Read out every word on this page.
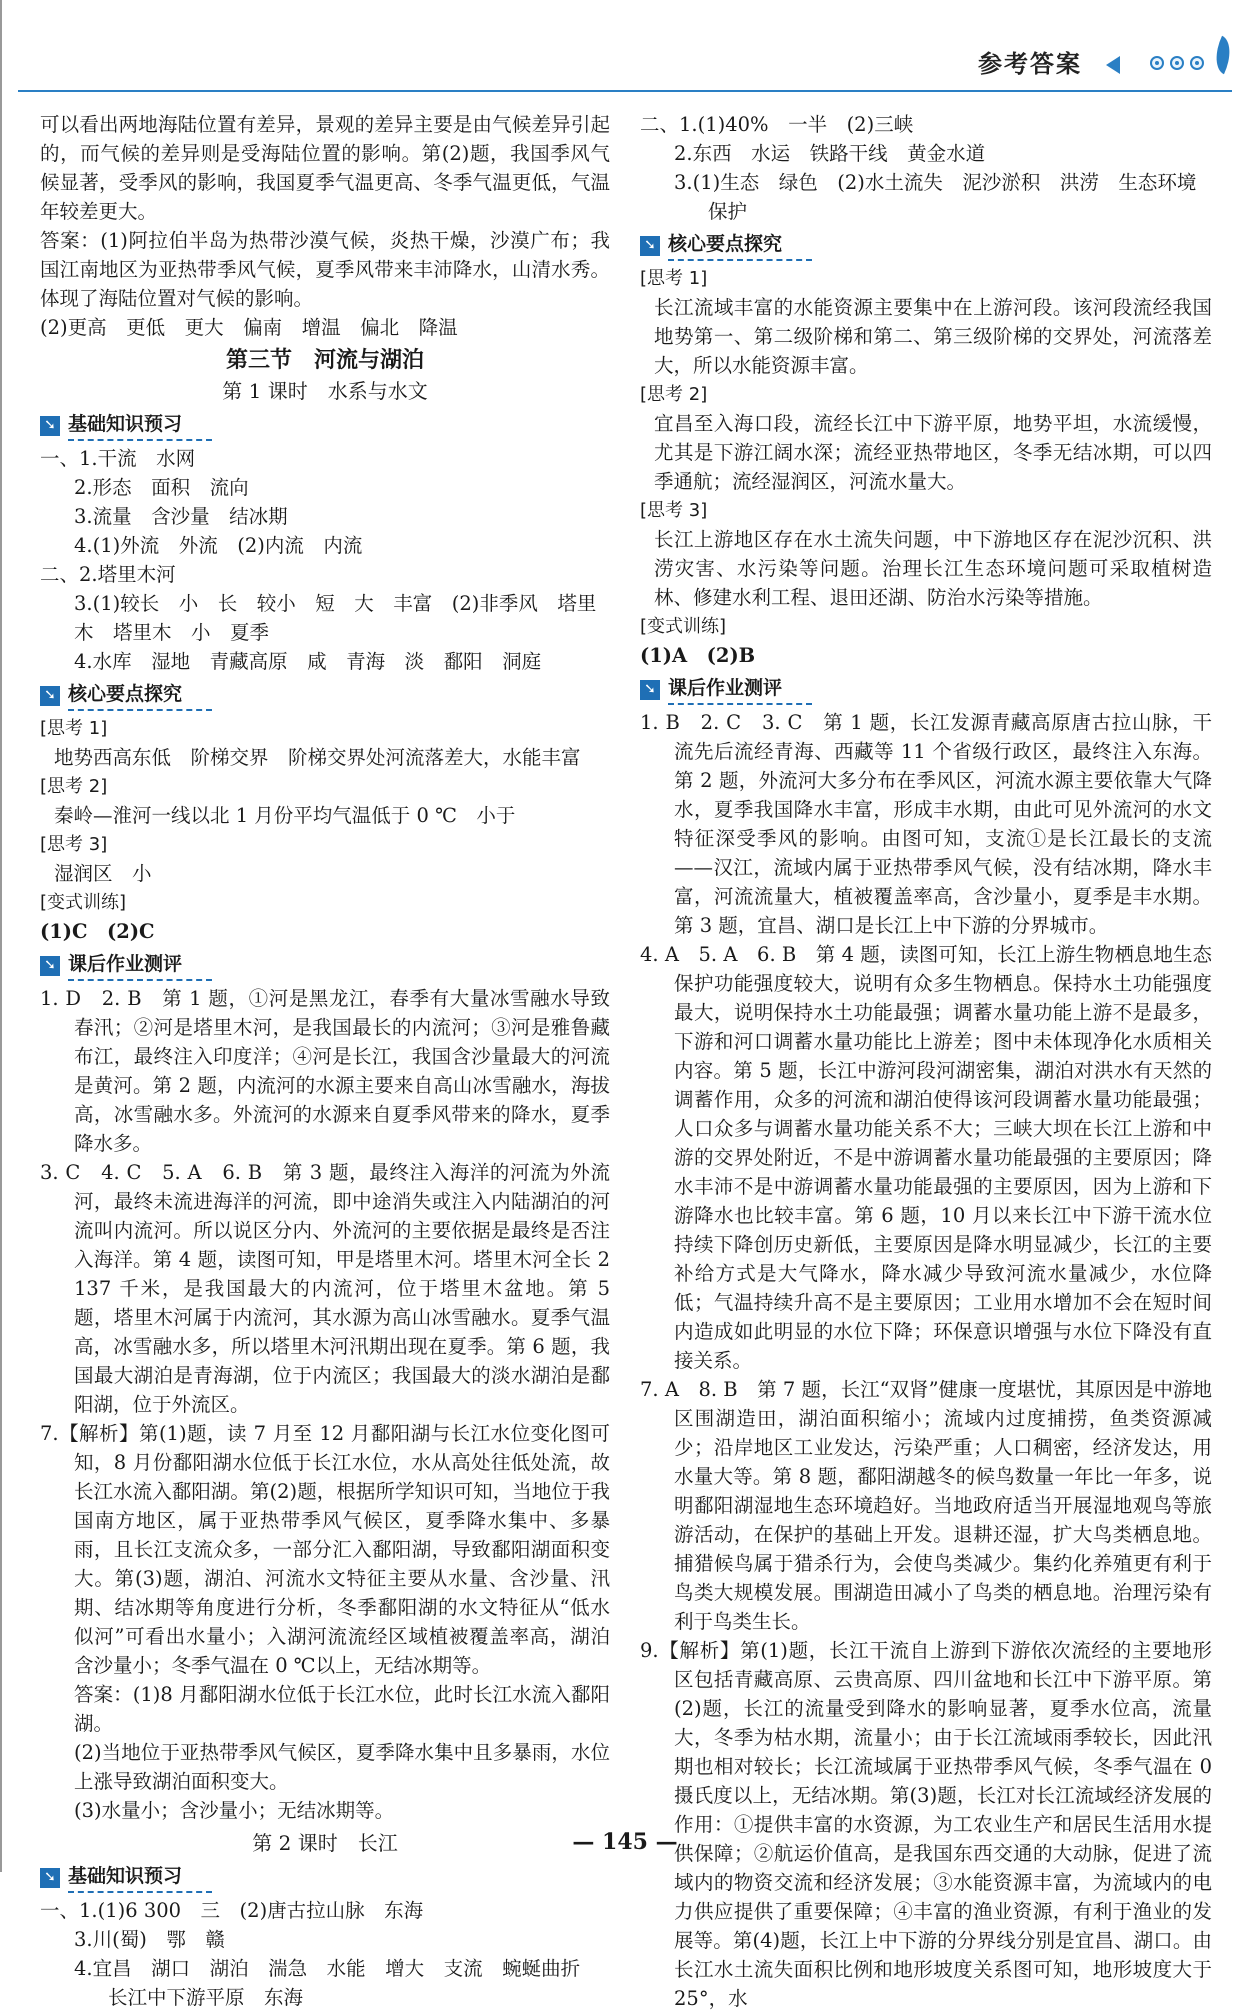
参考答案

可以看出两地海陆位置有差异，景观的差异主要是由气候差异引起的，而气候的差异则是受海陆位置的影响。第(2)题，我国季风气候显著，受季风的影响，我国夏季气温更高、冬季气温更低，气温年较差更大。

答案：(1)阿拉伯半岛为热带沙漠气候，炎热干燥，沙漠广布；我国江南地区为亚热带季风气候，夏季风带来丰沛降水，山清水秀。体现了海陆位置对气候的影响。

(2)更高　更低　更大　偏南　增温　偏北　降温

第三节　河流与湖泊
第 1 课时　水系与水文
➘ 基础知识预习

一、1.干流　水网

2.形态　面积　流向

3.流量　含沙量　结冰期

4.(1)外流　外流　(2)内流　内流

二、2.塔里木河

3.(1)较长　小　长　较小　短　大　丰富　(2)非季风　塔里木　塔里木　小　夏季

4.水库　湿地　青藏高原　咸　青海　淡　鄱阳　洞庭

➘ 核心要点探究

[思考 1]

地势西高东低　阶梯交界　阶梯交界处河流落差大，水能丰富

[思考 2]

秦岭—淮河一线以北 1 月份平均气温低于 0 ℃　小于

[思考 3]

湿润区　小

[变式训练]

(1)C　(2)C

➘ 课后作业测评

1. D　2. B　第 1 题，①河是黑龙江，春季有大量冰雪融水导致春汛；②河是塔里木河，是我国最长的内流河；③河是雅鲁藏布江，最终注入印度洋；④河是长江，我国含沙量最大的河流是黄河。第 2 题，内流河的水源主要来自高山冰雪融水，海拔高，冰雪融水多。外流河的水源来自夏季风带来的降水，夏季降水多。

3. C　4. C　5. A　6. B　第 3 题，最终注入海洋的河流为外流河，最终未流进海洋的河流，即中途消失或注入内陆湖泊的河流叫内流河。所以说区分内、外流河的主要依据是最终是否注入海洋。第 4 题，读图可知，甲是塔里木河。塔里木河全长 2 137 千米，是我国最大的内流河，位于塔里木盆地。第 5 题，塔里木河属于内流河，其水源为高山冰雪融水。夏季气温高，冰雪融水多，所以塔里木河汛期出现在夏季。第 6 题，我国最大湖泊是青海湖，位于内流区；我国最大的淡水湖泊是鄱阳湖，位于外流区。

7.【解析】第(1)题，读 7 月至 12 月鄱阳湖与长江水位变化图可知，8 月份鄱阳湖水位低于长江水位，水从高处往低处流，故长江水流入鄱阳湖。第(2)题，根据所学知识可知，当地位于我国南方地区，属于亚热带季风气候区，夏季降水集中、多暴雨，且长江支流众多，一部分汇入鄱阳湖，导致鄱阳湖面积变大。第(3)题，湖泊、河流水文特征主要从水量、含沙量、汛期、结冰期等角度进行分析，冬季鄱阳湖的水文特征从“低水似河”可看出水量小；入湖河流流经区域植被覆盖率高，湖泊含沙量小；冬季气温在 0 ℃以上，无结冰期等。

答案：(1)8 月鄱阳湖水位低于长江水位，此时长江水流入鄱阳湖。

(2)当地位于亚热带季风气候区，夏季降水集中且多暴雨，水位上涨导致湖泊面积变大。

(3)水量小；含沙量小；无结冰期等。

第 2 课时　长江
➘ 基础知识预习

一、1.(1)6 300　三　(2)唐古拉山脉　东海

3.川(蜀)　鄂　赣

4.宜昌　湖口　湖泊　湍急　水能　增大　支流　蜿蜒曲折　长江中下游平原　东海

二、1.(1)40%　一半　(2)三峡

2.东西　水运　铁路干线　黄金水道

3.(1)生态　绿色　(2)水土流失　泥沙淤积　洪涝　生态环境保护

➘ 核心要点探究

[思考 1]

长江流域丰富的水能资源主要集中在上游河段。该河段流经我国地势第一、第二级阶梯和第二、第三级阶梯的交界处，河流落差大，所以水能资源丰富。

[思考 2]

宜昌至入海口段，流经长江中下游平原，地势平坦，水流缓慢，尤其是下游江阔水深；流经亚热带地区，冬季无结冰期，可以四季通航；流经湿润区，河流水量大。

[思考 3]

长江上游地区存在水土流失问题，中下游地区存在泥沙沉积、洪涝灾害、水污染等问题。治理长江生态环境问题可采取植树造林、修建水利工程、退田还湖、防治水污染等措施。

[变式训练]

(1)A　(2)B

➘ 课后作业测评

1. B　2. C　3. C　第 1 题，长江发源青藏高原唐古拉山脉，干流先后流经青海、西藏等 11 个省级行政区，最终注入东海。第 2 题，外流河大多分布在季风区，河流水源主要依靠大气降水，夏季我国降水丰富，形成丰水期，由此可见外流河的水文特征深受季风的影响。由图可知，支流①是长江最长的支流——汉江，流域内属于亚热带季风气候，没有结冰期，降水丰富，河流流量大，植被覆盖率高，含沙量小，夏季是丰水期。第 3 题，宜昌、湖口是长江上中下游的分界城市。

4. A　5. A　6. B　第 4 题，读图可知，长江上游生物栖息地生态保护功能强度较大，说明有众多生物栖息。保持水土功能强度最大，说明保持水土功能最强；调蓄水量功能上游不是最多，下游和河口调蓄水量功能比上游差；图中未体现净化水质相关内容。第 5 题，长江中游河段河湖密集，湖泊对洪水有天然的调蓄作用，众多的河流和湖泊使得该河段调蓄水量功能最强；人口众多与调蓄水量功能关系不大；三峡大坝在长江上游和中游的交界处附近，不是中游调蓄水量功能最强的主要原因；降水丰沛不是中游调蓄水量功能最强的主要原因，因为上游和下游降水也比较丰富。第 6 题，10 月以来长江中下游干流水位持续下降创历史新低，主要原因是降水明显减少，长江的主要补给方式是大气降水，降水减少导致河流水量减少，水位降低；气温持续升高不是主要原因；工业用水增加不会在短时间内造成如此明显的水位下降；环保意识增强与水位下降没有直接关系。

7. A　8. B　第 7 题，长江“双肾”健康一度堪忧，其原因是中游地区围湖造田，湖泊面积缩小；流域内过度捕捞，鱼类资源减少；沿岸地区工业发达，污染严重；人口稠密，经济发达，用水量大等。第 8 题，鄱阳湖越冬的候鸟数量一年比一年多，说明鄱阳湖湿地生态环境趋好。当地政府适当开展湿地观鸟等旅游活动，在保护的基础上开发。退耕还湿，扩大鸟类栖息地。捕猎候鸟属于猎杀行为，会使鸟类减少。集约化养殖更有利于鸟类大规模发展。围湖造田减小了鸟类的栖息地。治理污染有利于鸟类生长。

9.【解析】第(1)题，长江干流自上游到下游依次流经的主要地形区包括青藏高原、云贵高原、四川盆地和长江中下游平原。第(2)题，长江的流量受到降水的影响显著，夏季水位高，流量大，冬季为枯水期，流量小；由于长江流域雨季较长，因此汛期也相对较长；长江流域属于亚热带季风气候，冬季气温在 0 摄氏度以上，无结冰期。第(3)题，长江对长江流域经济发展的作用：①提供丰富的水资源，为工农业生产和居民生活用水提供保障；②航运价值高，是我国东西交通的大动脉，促进了流域内的物资交流和经济发展；③水能资源丰富，为流域内的电力供应提供了重要保障；④丰富的渔业资源，有利于渔业的发展等。第(4)题，长江上中下游的分界线分别是宜昌、湖口。由长江水土流失面积比例和地形坡度关系图可知，地形坡度大于 25°，水

— 145 —
